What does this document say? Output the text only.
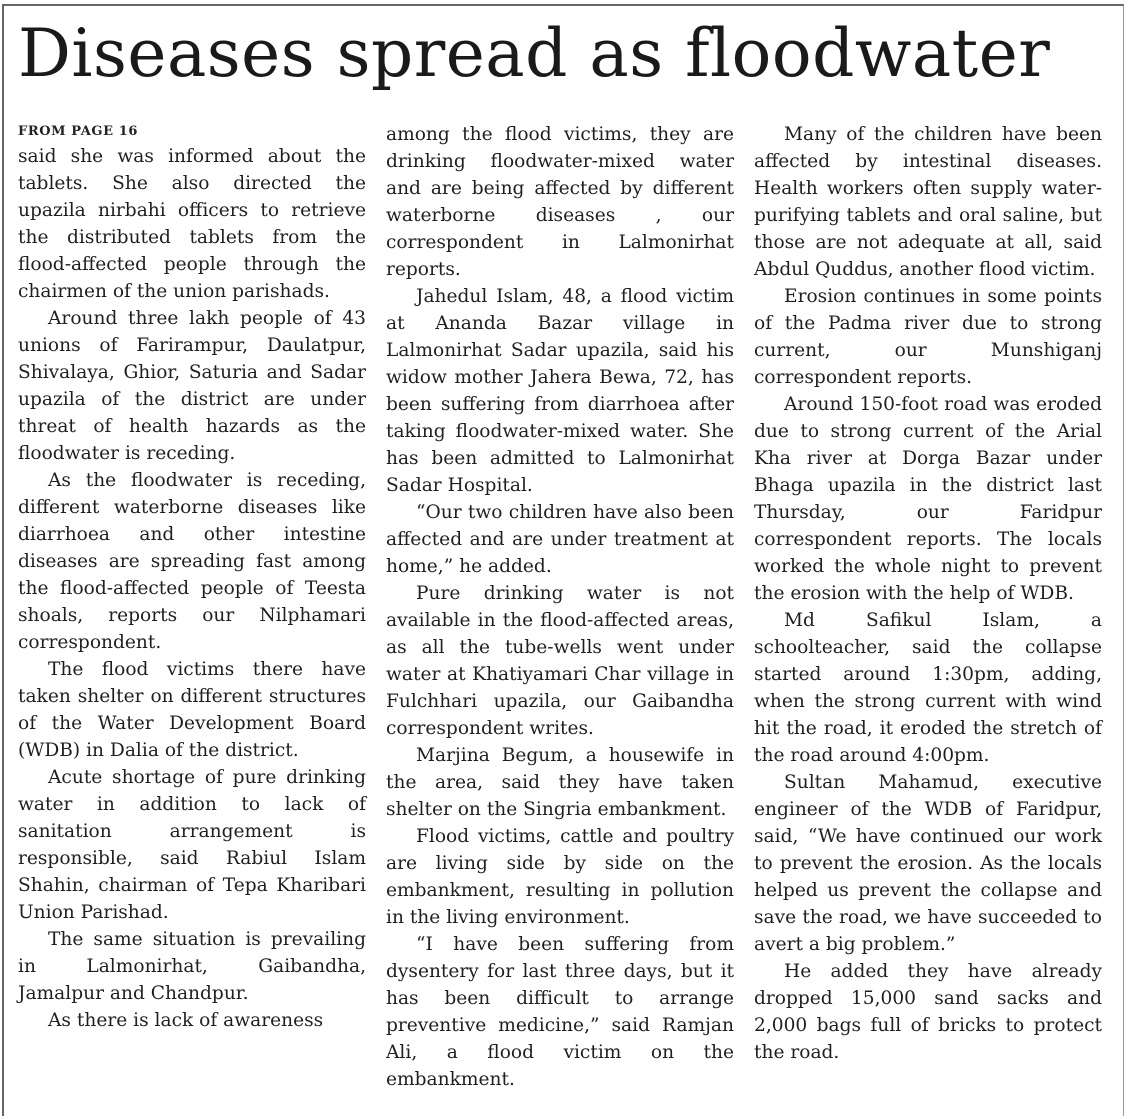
Diseases spread as floodwater
FROM PAGE 16

said she was informed about the tablets. She also directed the upazila nirbahi officers to retrieve the distributed tablets from the flood-affected people through the chairmen of the union parishads.

Around three lakh people of 43 unions of Farirampur, Daulatpur, Shivalaya, Ghior, Saturia and Sadar upazila of the district are under threat of health hazards as the floodwater is receding.

As the floodwater is receding, different waterborne diseases like diarrhoea and other intestine diseases are spreading fast among the flood-affected people of Teesta shoals, reports our Nilphamari correspondent.

The flood victims there have taken shelter on different structures of the Water Development Board (WDB) in Dalia of the district.

Acute shortage of pure drinking water in addition to lack of sanitation arrangement is responsible, said Rabiul Islam Shahin, chairman of Tepa Kharibari Union Parishad.

The same situation is prevailing in Lalmonirhat, Gaibandha, Jamalpur and Chandpur.

As there is lack of awareness

among the flood victims, they are drinking floodwater-mixed water and are being affected by different waterborne diseases , our correspondent in Lalmonirhat reports.

Jahedul Islam, 48, a flood victim at Ananda Bazar village in Lalmonirhat Sadar upazila, said his widow mother Jahera Bewa, 72, has been suffering from diarrhoea after taking floodwater-mixed water. She has been admitted to Lalmonirhat Sadar Hospital.

“Our two children have also been affected and are under treatment at home,” he added.

Pure drinking water is not available in the flood-affected areas, as all the tube-wells went under water at Khatiyamari Char village in Fulchhari upazila, our Gaibandha correspondent writes.

Marjina Begum, a housewife in the area, said they have taken shelter on the Singria embankment.

Flood victims, cattle and poultry are living side by side on the embankment, resulting in pollution in the living environment.

“I have been suffering from dysentery for last three days, but it has been difficult to arrange preventive medicine,” said Ramjan Ali, a flood victim on the embankment.

Many of the children have been affected by intestinal diseases. Health workers often supply water-purifying tablets and oral saline, but those are not adequate at all, said Abdul Quddus, another flood victim.

Erosion continues in some points of the Padma river due to strong current, our Munshiganj correspondent reports.

Around 150-foot road was eroded due to strong current of the Arial Kha river at Dorga Bazar under Bhaga upazila in the district last Thursday, our Faridpur correspondent reports. The locals worked the whole night to prevent the erosion with the help of WDB.

Md Safikul Islam, a schoolteacher, said the collapse started around 1:30pm, adding, when the strong current with wind hit the road, it eroded the stretch of the road around 4:00pm.

Sultan Mahamud, executive engineer of the WDB of Faridpur, said, “We have continued our work to prevent the erosion. As the locals helped us prevent the collapse and save the road, we have succeeded to avert a big problem.”

He added they have already dropped 15,000 sand sacks and 2,000 bags full of bricks to protect the road.
